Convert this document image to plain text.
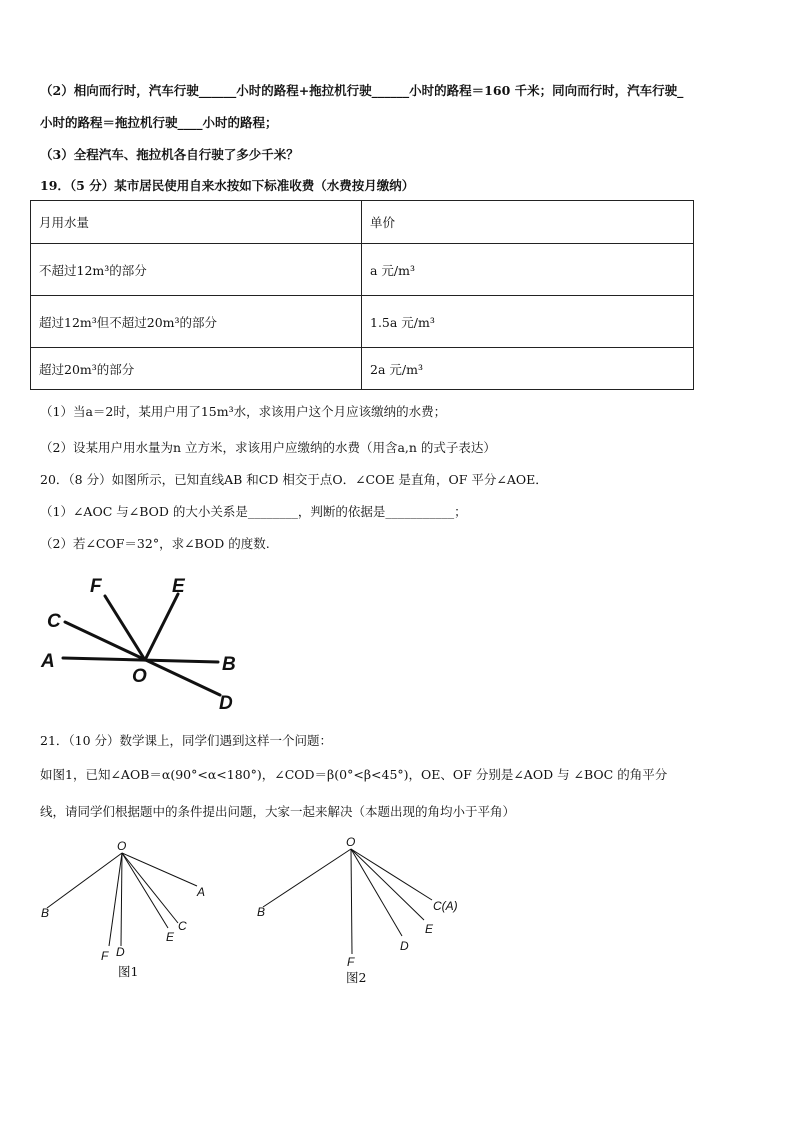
（2）相向而行时，汽车行驶______小时的路程+拖拉机行驶______小时的路程＝160 千米；同向而行时，汽车行驶_
小时的路程＝拖拉机行驶____小时的路程；
（3）全程汽车、拖拉机各自行驶了多少千米？
19．（5 分）某市居民使用自来水按如下标准收费（水费按月缴纳）
月用水量	单价
不超过12m³的部分	a 元/m³
超过12m³但不超过20m³的部分	1.5a 元/m³
超过20m³的部分	2a 元/m³
（1）当a＝2时，某用户用了15m³水，求该用户这个月应该缴纳的水费；
（2）设某用户用水量为n 立方米，求该用户应缴纳的水费（用含a,n 的式子表达）
20．（8 分）如图所示，已知直线AB 和CD 相交于点O．∠COE 是直角，OF 平分∠AOE．
（1）∠AOC 与∠BOD 的大小关系是________，判断的依据是___________；
（2）若∠COF＝32°，求∠BOD 的度数.
F	E
C
A	B
O
D
21．（10 分）数学课上，同学们遇到这样一个问题：
如图1，已知∠AOB＝α(90°<α<180°)，∠COD＝β(0°<β<45°)，OE、OF 分别是∠AOD 与 ∠BOC 的角平分
线，请同学们根据题中的条件提出问题，大家一起来解决（本题出现的角均小于平角）
O
A
B
C
E
D
F
图1
O
B	C(A)
E
D
F
图2
